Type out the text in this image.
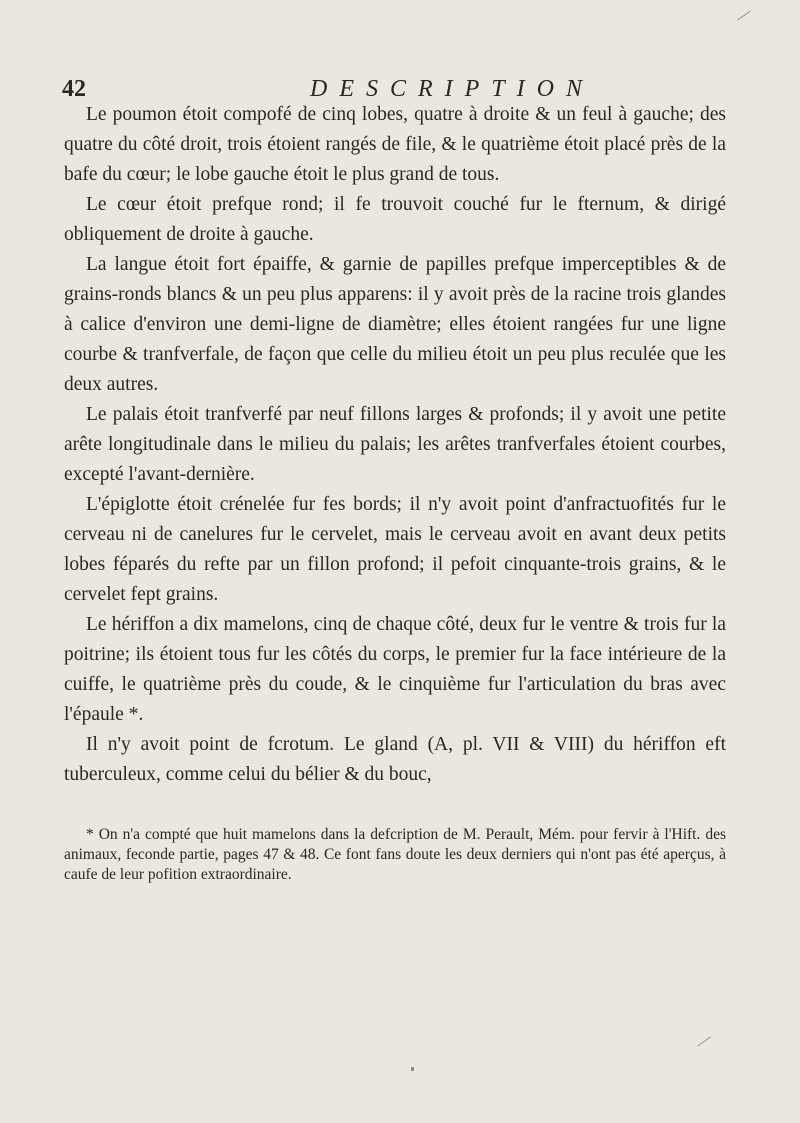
42	DESCRIPTION

Le poumon étoit compofé de cinq lobes, quatre à droite & un feul à gauche; des quatre du côté droit, trois étoient rangés de file, & le quatrième étoit placé près de la bafe du cœur; le lobe gauche étoit le plus grand de tous.

Le cœur étoit prefque rond; il fe trouvoit couché fur le fternum, & dirigé obliquement de droite à gauche.

La langue étoit fort épaiffe, & garnie de papilles prefque imperceptibles & de grains-ronds blancs & un peu plus apparens: il y avoit près de la racine trois glandes à calice d'environ une demi-ligne de diamètre; elles étoient rangées fur une ligne courbe & tranfverfale, de façon que celle du milieu étoit un peu plus reculée que les deux autres.

Le palais étoit tranfverfé par neuf fillons larges & profonds; il y avoit une petite arête longitudinale dans le milieu du palais; les arêtes tranfverfales étoient courbes, excepté l'avant-dernière.

L'épiglotte étoit crénelée fur fes bords; il n'y avoit point d'anfractuofités fur le cerveau ni de canelures fur le cervelet, mais le cerveau avoit en avant deux petits lobes féparés du refte par un fillon profond; il pefoit cinquante-trois grains, & le cervelet fept grains.

Le hériffon a dix mamelons, cinq de chaque côté, deux fur le ventre & trois fur la poitrine; ils étoient tous fur les côtés du corps, le premier fur la face intérieure de la cuiffe, le quatrième près du coude, & le cinquième fur l'articulation du bras avec l'épaule *.

Il n'y avoit point de fcrotum. Le gland (A, pl. VII & VIII) du hériffon eft tuberculeux, comme celui du bélier & du bouc,

* On n'a compté que huit mamelons dans la defcription de M. Perault, Mém. pour fervir à l'Hift. des animaux, feconde partie, pages 47 & 48. Ce font fans doute les deux derniers qui n'ont pas été aperçus, à caufe de leur pofition extraordinaire.
